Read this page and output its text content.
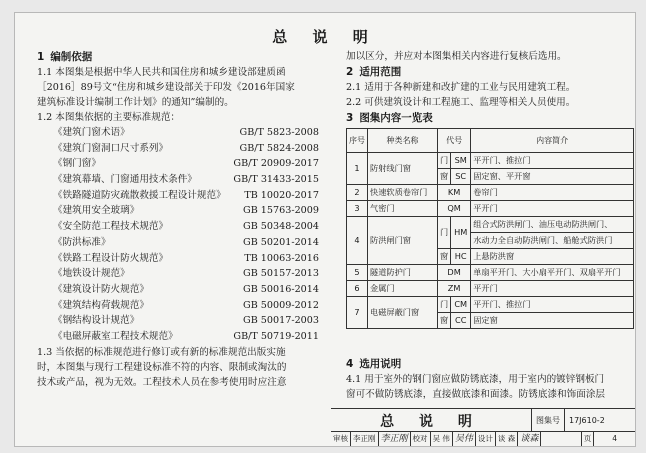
总 说 明
1 编制依据
1.1 本图集是根据中华人民共和国住房和城乡建设部建质函
［2016］89号文“住房和城乡建设部关于印发《2016年国家
建筑标准设计编制工作计划》的通知”编制的。
1.2 本图集依据的主要标准规范：
《建筑门窗术语》	GB/T 5823-2008
《建筑门窗洞口尺寸系列》	GB/T 5824-2008
《钢门窗》	GB/T 20909-2017
《建筑幕墙、门窗通用技术条件》	GB/T 31433-2015
《铁路隧道防灾疏散救援工程设计规范》 TB 10020-2017
《建筑用安全玻璃》	GB 15763-2009
《安全防范工程技术规范》	GB 50348-2004
《防洪标准》	GB 50201-2014
《铁路工程设计防火规范》	TB 10063-2016
《地铁设计规范》	GB 50157-2013
《建筑设计防火规范》	GB 50016-2014
《建筑结构荷载规范》	GB 50009-2012
《钢结构设计规范》	GB 50017-2003
《电磁屏蔽室工程技术规范》	GB/T 50719-2011
1.3 当依据的标准规范进行修订或有新的标准规范出版实施
时，本图集与现行工程建设标准不符的内容、限制或淘汰的
技术或产品，视为无效。工程技术人员在参考使用时应注意
加以区分，并应对本图集相关内容进行复核后选用。
2 适用范围
2.1 适用于各种新建和改扩建的工业与民用建筑工程。
2.2 可供建筑设计和工程施工、监理等相关人员使用。
3 图集内容一览表
序号	种类名称	代号		内容简介
1	防射线门窗	门	SM	平开门、推拉门
		窗	SC	固定窗、平开窗
2	快速软质卷帘门	KM		卷帘门
3	气密门	QM		平开门
4	防洪闸门窗	门	HM	组合式防洪闸门、油压电动防洪闸门、
				水动力全自动防洪闸门、船舱式防洪门
		窗	HC	上悬防洪窗
5	隧道防护门	DM		单扇平开门、大小扇平开门、双扇平开门
6	金属门	ZM		平开门
7	电磁屏蔽门窗	门	CM	平开门、推拉门
		窗	CC	固定窗
4 选用说明
4.1 用于室外的钢门窗应做防锈底漆，用于室内的镀锌钢板门
窗可不做防锈底漆，直接做底漆和面漆。防锈底漆和饰面涂层
总 说 明	图集号	17J610-2
审核 李正刚 李正刚 校对 吴 伟 吴伟 设计 谈 森 谈森	页	4
